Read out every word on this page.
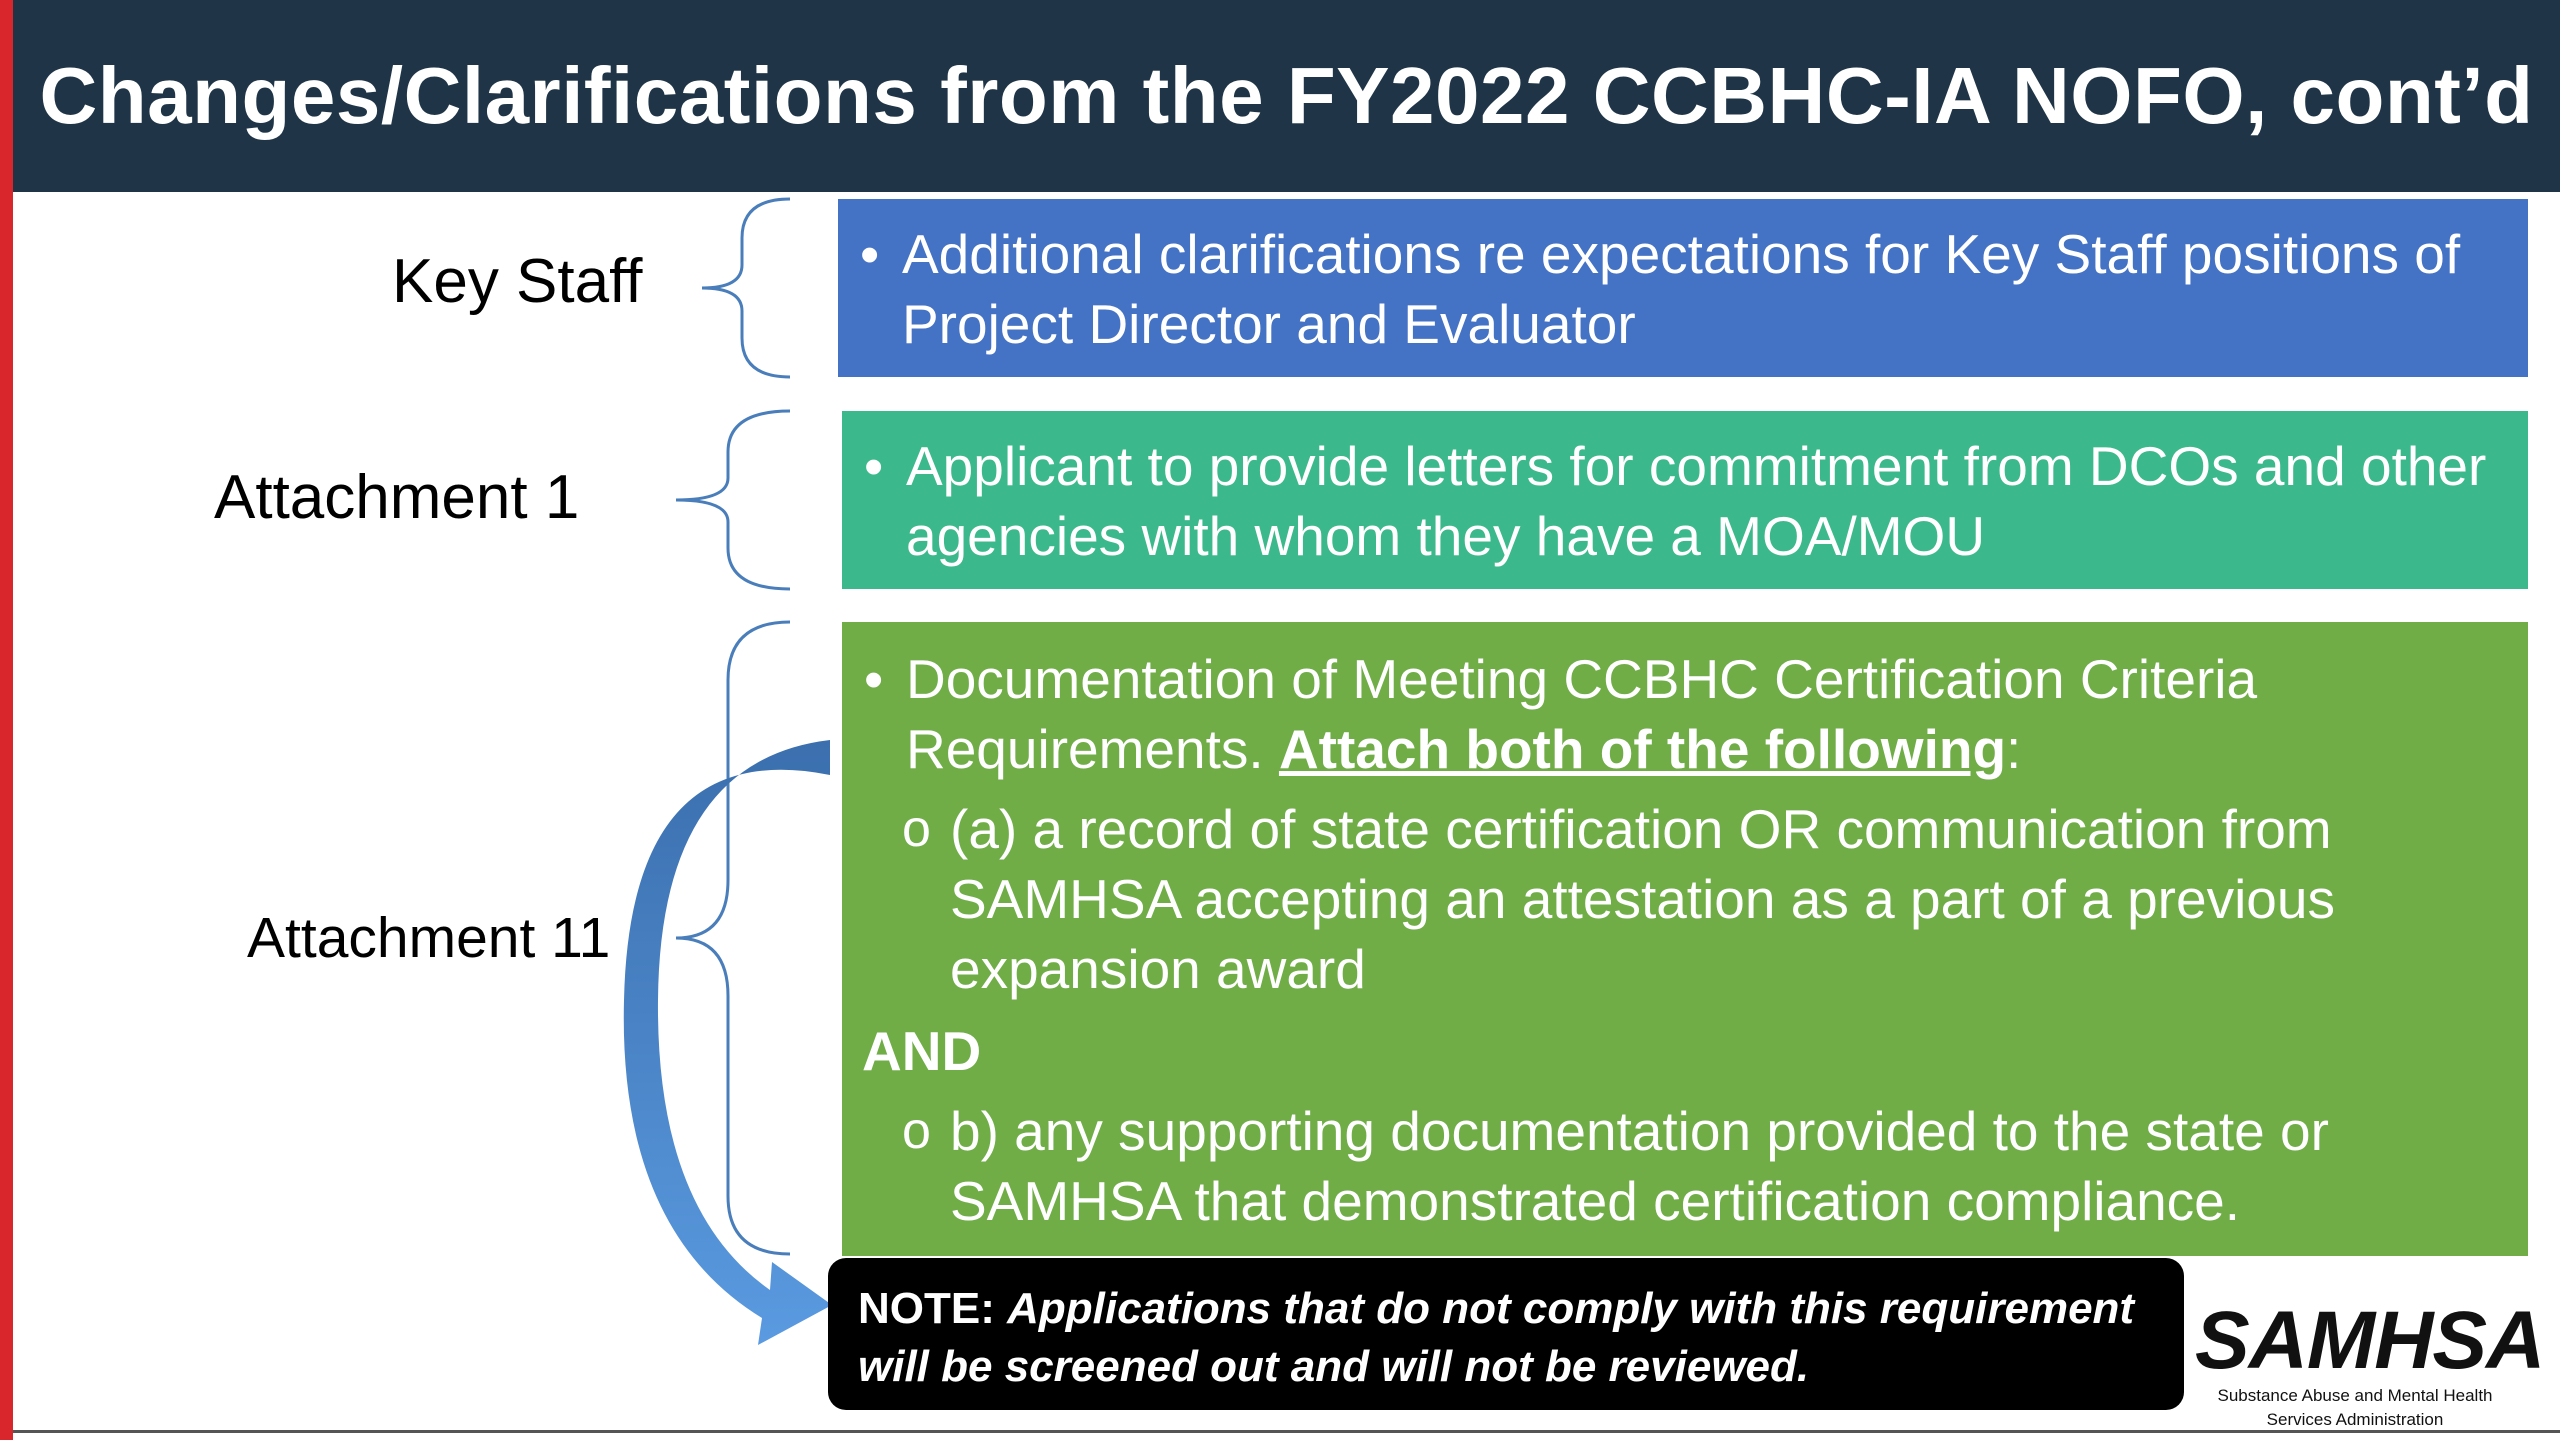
Changes/Clarifications from the FY2022 CCBHC-IA NOFO, cont’d
Key Staff
Attachment 1
Attachment 11
• Additional clarifications re expectations for Key Staff positions of Project Director and Evaluator
• Applicant to provide letters for commitment from DCOs and other agencies with whom they have a MOA/MOU
• Documentation of Meeting CCBHC Certification Criteria Requirements. Attach both of the following:
o (a) a record of state certification OR communication from SAMHSA accepting an attestation as a part of a previous expansion award
AND
o b) any supporting documentation provided to the state or SAMHSA that demonstrated certification compliance.
NOTE: Applications that do not comply with this requirement will be screened out and will not be reviewed.	SAMHSA
Substance Abuse and Mental Health
Services Administration
